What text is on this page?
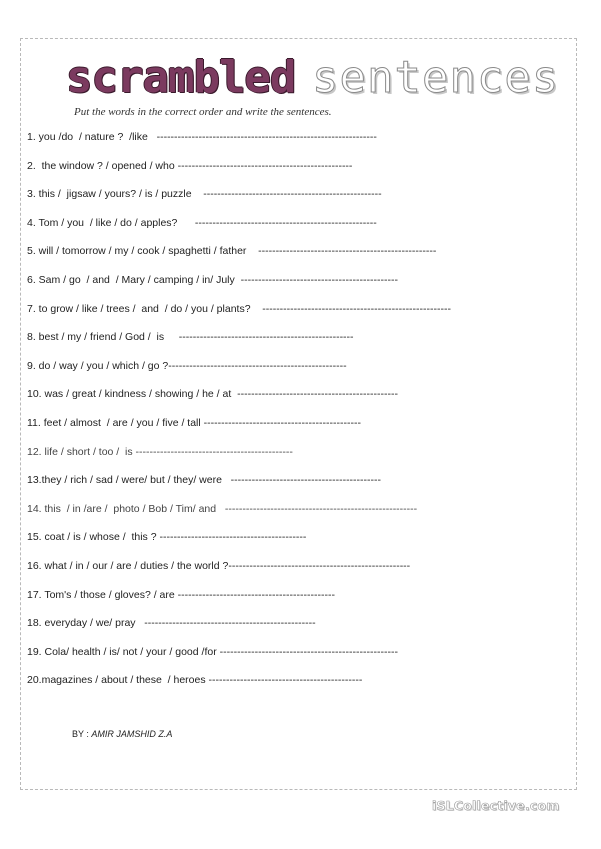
scrambled sentences
Put the words in the correct order and write the sentences.
1. you /do  / nature ?  /like   ---------------------------------------------------------------
2.  the window ? / opened / who --------------------------------------------------
3. this /  jigsaw / yours? / is / puzzle    ---------------------------------------------------
4. Tom / you  / like / do / apples?      ----------------------------------------------------
5. will / tomorrow / my / cook / spaghetti / father    ---------------------------------------------------
6. Sam / go  / and  / Mary / camping / in/ July  ---------------------------------------------
7. to grow / like / trees /  and  / do / you / plants?    ------------------------------------------------------
8. best / my / friend / God /  is     --------------------------------------------------
9. do / way / you / which / go ?---------------------------------------------------
10. was / great / kindness / showing / he / at  ----------------------------------------------
11. feet / almost  / are / you / five / tall ---------------------------------------------
12. life / short / too /  is ---------------------------------------------
13.they / rich / sad / were/ but / they/ were   -------------------------------------------
14. this  / in /are /  photo / Bob / Tim/ and   -------------------------------------------------------
15. coat / is / whose /  this ? ------------------------------------------
16. what / in / our / are / duties / the world ?----------------------------------------------------
17. Tom's / those / gloves? / are ---------------------------------------------
18. everyday / we/ pray   -------------------------------------------------
19. Cola/ health / is/ not / your / good /for ---------------------------------------------------
20.magazines / about / these  / heroes --------------------------------------------
BY : AMIR JAMSHID Z.A
iSLCollective.com
